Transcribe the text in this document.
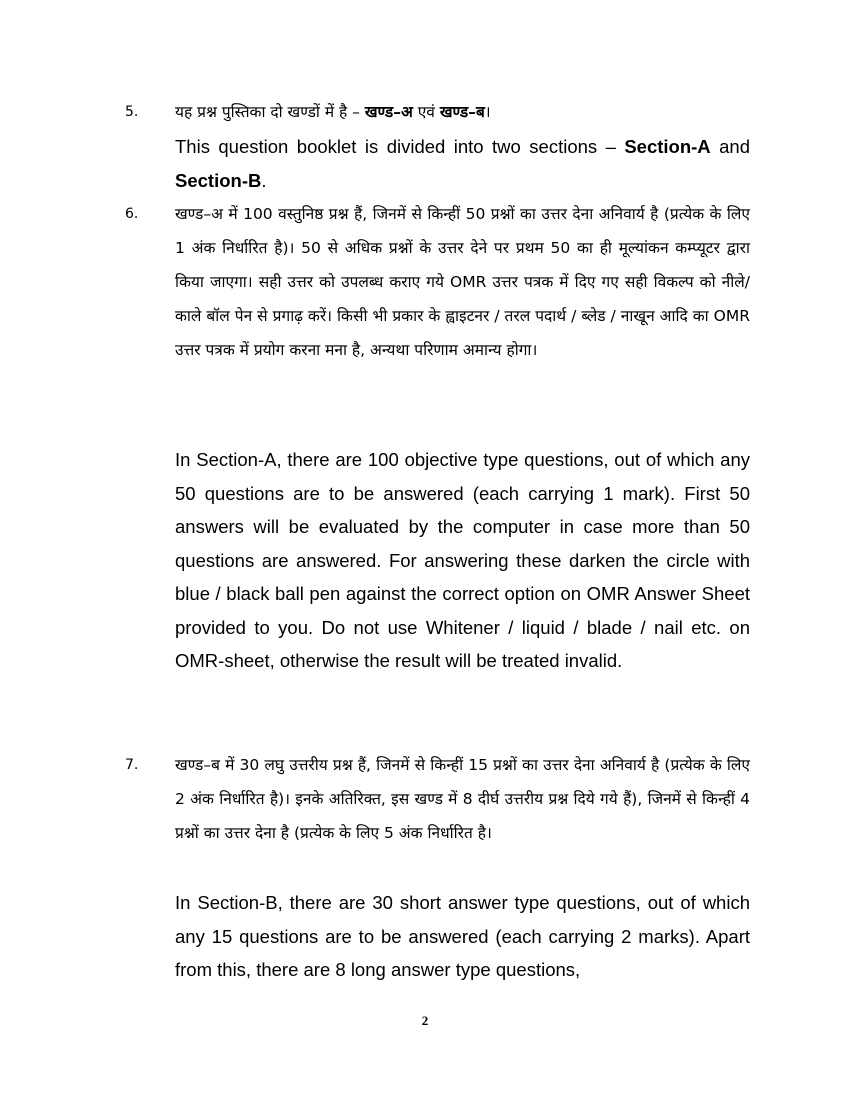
5. यह प्रश्न पुस्तिका दो खण्डों में है – खण्ड–अ एवं खण्ड–ब।
This question booklet is divided into two sections – Section-A and Section-B.
6. खण्ड–अ में 100 वस्तुनिष्ठ प्रश्न हैं, जिनमें से किन्हीं 50 प्रश्नों का उत्तर देना अनिवार्य है (प्रत्येक के लिए 1 अंक निर्धारित है)। 50 से अधिक प्रश्नों के उत्तर देने पर प्रथम 50 का ही मूल्यांकन कम्प्यूटर द्वारा किया जाएगा। सही उत्तर को उपलब्ध कराए गये OMR उत्तर पत्रक में दिए गए सही विकल्प को नीले/काले बॉल पेन से प्रगाढ़ करें। किसी भी प्रकार के ह्वाइटनर / तरल पदार्थ / ब्लेड / नाखून आदि का OMR उत्तर पत्रक में प्रयोग करना मना है, अन्यथा परिणाम अमान्य होगा।
In Section-A, there are 100 objective type questions, out of which any 50 questions are to be answered (each carrying 1 mark). First 50 answers will be evaluated by the computer in case more than 50 questions are answered. For answering these darken the circle with blue / black ball pen against the correct option on OMR Answer Sheet provided to you. Do not use Whitener / liquid / blade / nail etc. on OMR-sheet, otherwise the result will be treated invalid.
7. खण्ड–ब में 30 लघु उत्तरीय प्रश्न हैं, जिनमें से किन्हीं 15 प्रश्नों का उत्तर देना अनिवार्य है (प्रत्येक के लिए 2 अंक निर्धारित है)। इनके अतिरिक्त, इस खण्ड में 8 दीर्घ उत्तरीय प्रश्न दिये गये हैं), जिनमें से किन्हीं 4 प्रश्नों का उत्तर देना है (प्रत्येक के लिए 5 अंक निर्धारित है।
In Section-B, there are 30 short answer type questions, out of which any 15 questions are to be answered (each carrying 2 marks). Apart from this, there are 8 long answer type questions,
2
